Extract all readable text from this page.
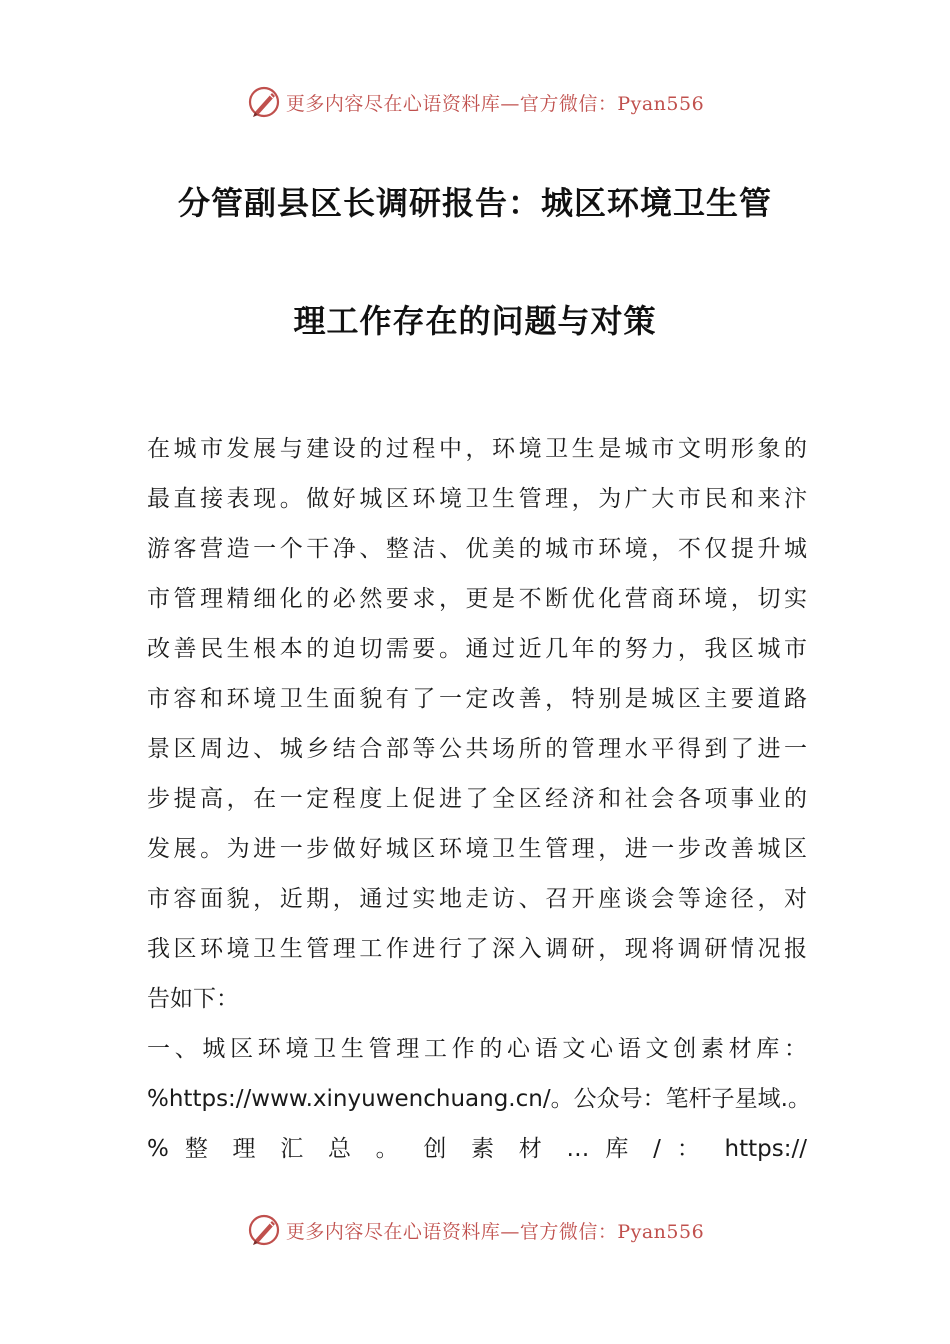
更多内容尽在心语资料库—官方微信：Pyan556
分管副县区长调研报告：城区环境卫生管
理工作存在的问题与对策
在城市发展与建设的过程中，环境卫生是城市文明形象的
最直接表现。做好城区环境卫生管理，为广大市民和来汴
游客营造一个干净、整洁、优美的城市环境，不仅提升城
市管理精细化的必然要求，更是不断优化营商环境，切实
改善民生根本的迫切需要。通过近几年的努力，我区城市
市容和环境卫生面貌有了一定改善，特别是城区主要道路
景区周边、城乡结合部等公共场所的管理水平得到了进一
步提高，在一定程度上促进了全区经济和社会各项事业的
发展。为进一步做好城区环境卫生管理，进一步改善城区
市容面貌，近期，通过实地走访、召开座谈会等途径，对
我区环境卫生管理工作进行了深入调研，现将调研情况报
告如下：
一、城区环境卫生管理工作的心语文心语文创素材库：
%https://www.xinyuwenchuang.cn/。公众号：笔杆子星域.。
% 整 理 汇 总 。 创 素 材 … 库 / ： https://
更多内容尽在心语资料库—官方微信：Pyan556
